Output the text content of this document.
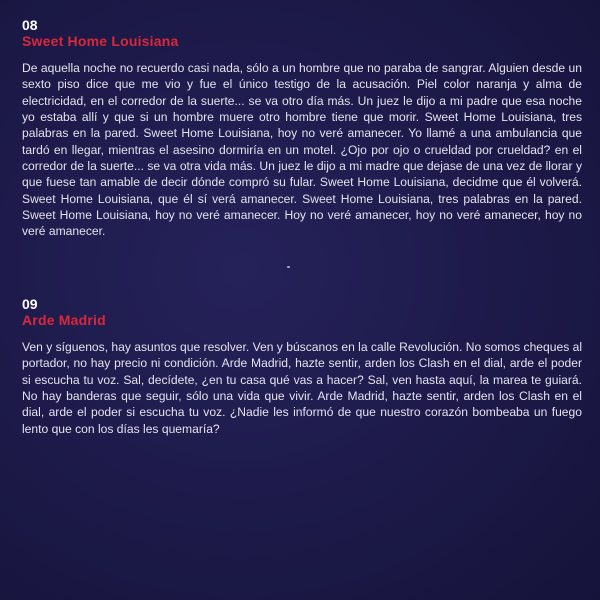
08

Sweet Home Louisiana

De aquella noche no recuerdo casi nada, sólo a un hombre que no paraba de sangrar. Alguien desde un sexto piso dice que me vio y fue el único testigo de la acusación. Piel color naranja y alma de electricidad, en el corredor de la suerte... se va otro día más. Un juez le dijo a mi padre que esa noche yo estaba allí y que si un hombre muere otro hombre tiene que morir. Sweet Home Louisiana, tres palabras en la pared. Sweet Home Louisiana, hoy no veré amanecer. Yo llamé a una ambulancia que tardó en llegar, mientras el asesino dormiría en un motel. ¿Ojo por ojo o crueldad por crueldad? en el corredor de la suerte... se va otra vida más. Un juez le dijo a mi madre que dejase de una vez de llorar y que fuese tan amable de decir dónde compró su fular. Sweet Home Louisiana, decidme que él volverá. Sweet Home Louisiana, que él sí verá amanecer. Sweet Home Louisiana, tres palabras en la pared. Sweet Home Louisiana, hoy no veré amanecer. Hoy no veré amanecer, hoy no veré amanecer, hoy no veré amanecer.

09

Arde Madrid

Ven y síguenos, hay asuntos que resolver. Ven y búscanos en la calle Revolución. No somos cheques al portador, no hay precio ni condición. Arde Madrid, hazte sentir, arden los Clash en el dial, arde el poder si escucha tu voz. Sal, decídete, ¿en tu casa qué vas a hacer? Sal, ven hasta aquí, la marea te guiará. No hay banderas que seguir, sólo una vida que vivir. Arde Madrid, hazte sentir, arden los Clash en el dial, arde el poder si escucha tu voz. ¿Nadie les informó de que nuestro corazón bombeaba un fuego lento que con los días les quemaría?
